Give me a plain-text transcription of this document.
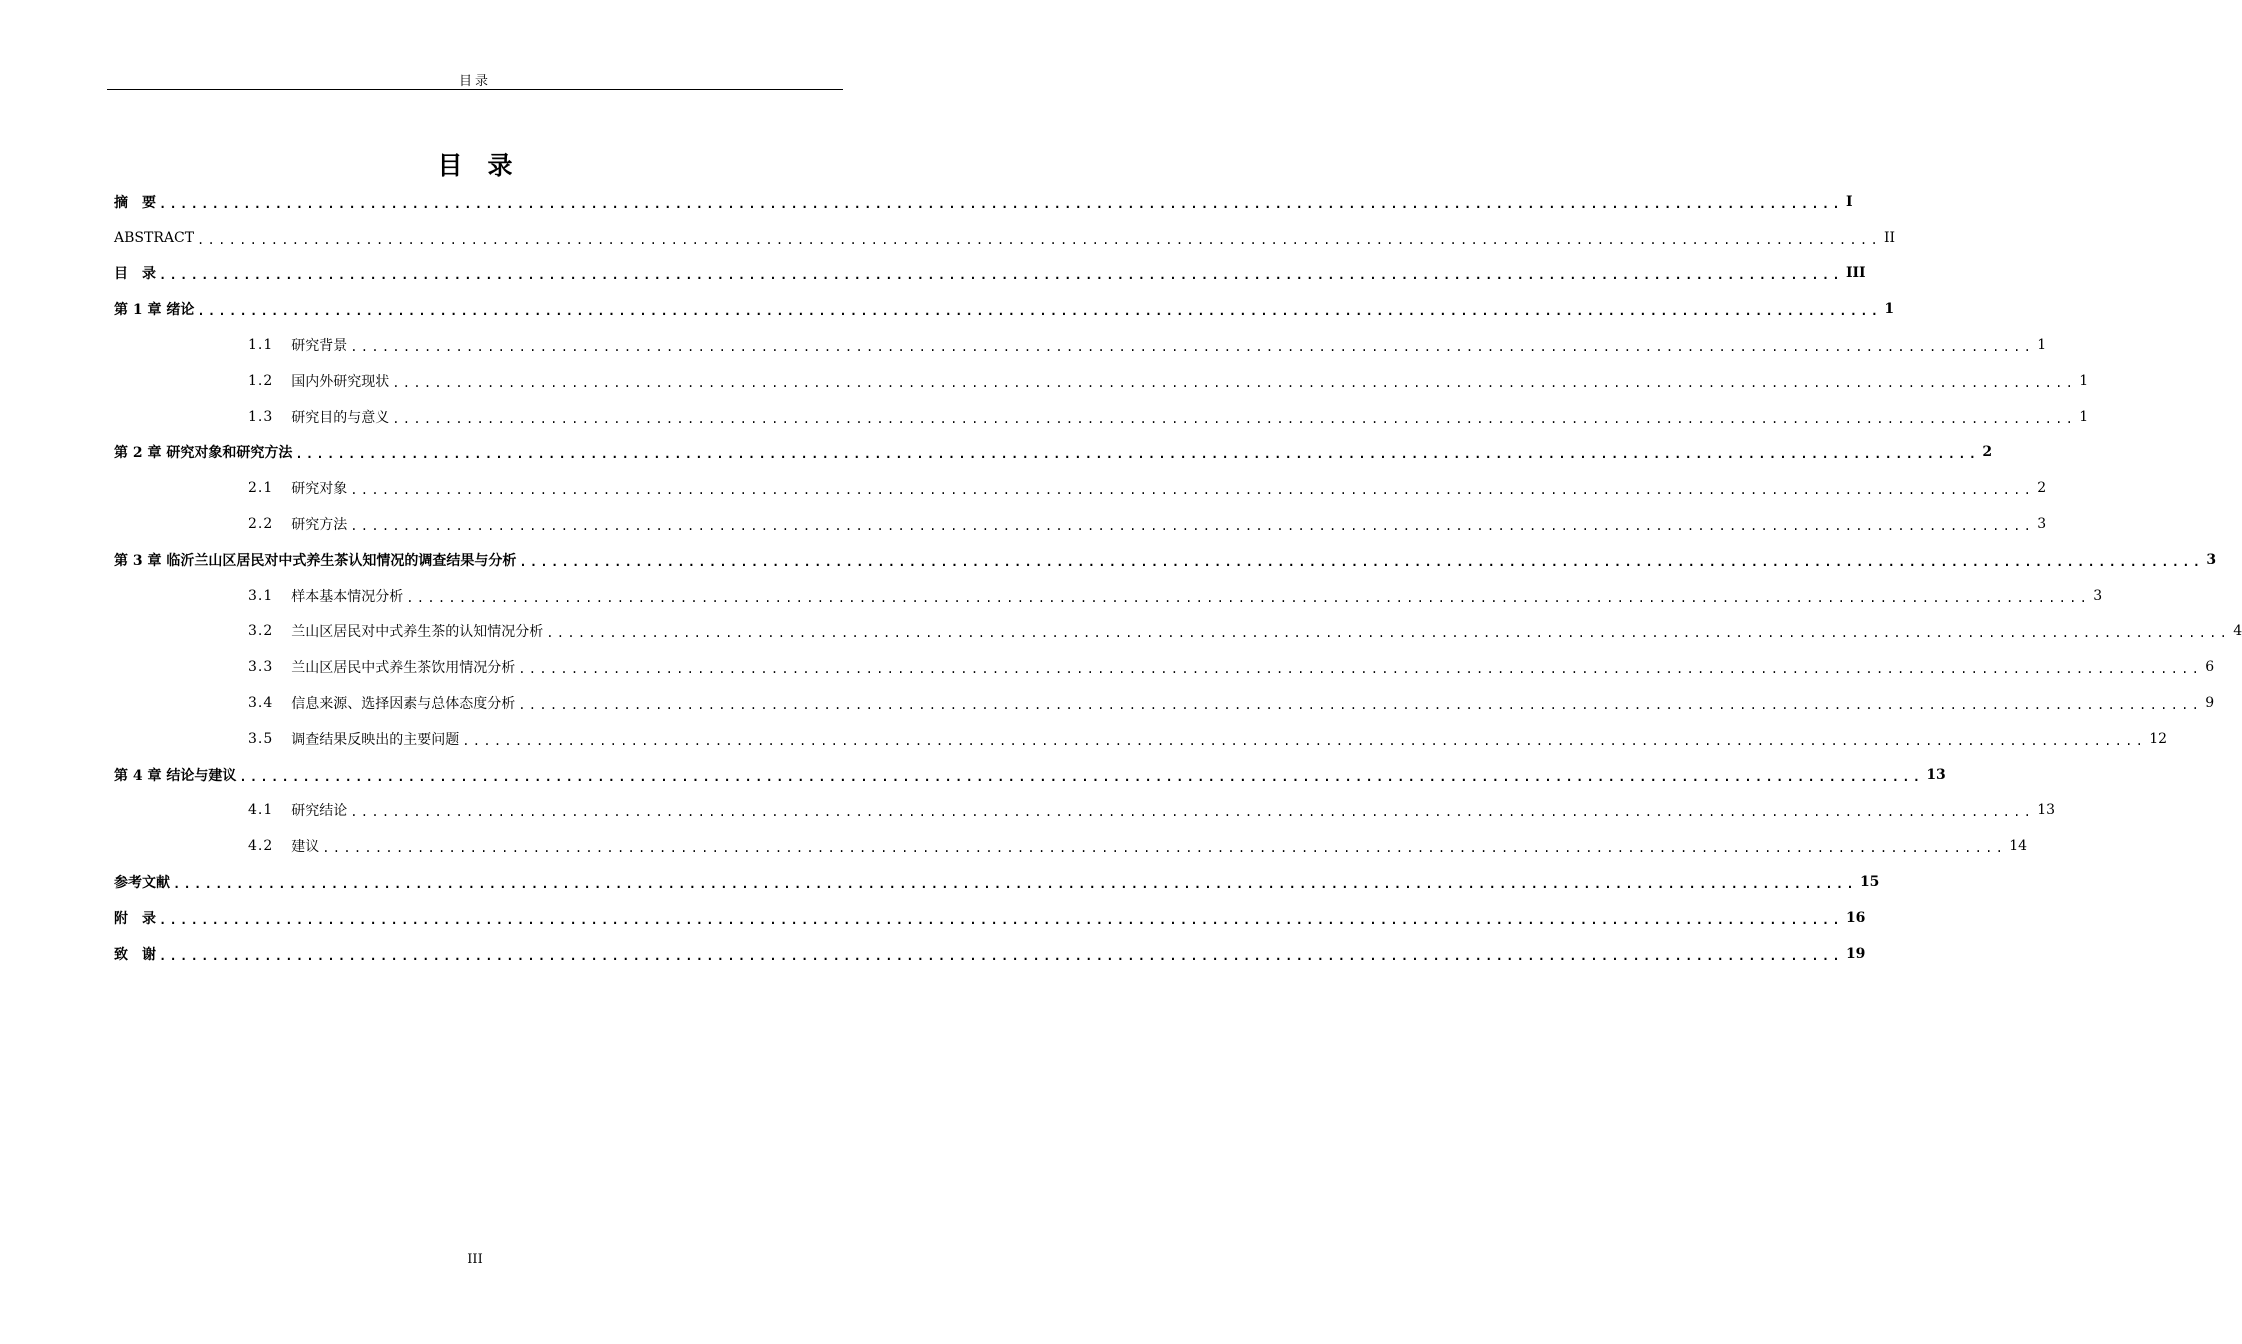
目录
目　录
摘　要 ................................................................................................................................................................ I
ABSTRACT ................................................................................................................................................................ II
目　录 ................................................................................................................................................................ III
第 1 章 绪论 ................................................................................................................................................................ 1
1.1 研究背景 ................................................................................................................................................................ 1
1.2 国内外研究现状 ................................................................................................................................................................ 1
1.3 研究目的与意义 ................................................................................................................................................................ 1
第 2 章 研究对象和研究方法 ................................................................................................................................................................ 2
2.1 研究对象 ................................................................................................................................................................ 2
2.2 研究方法 ................................................................................................................................................................ 3
第 3 章 临沂兰山区居民对中式养生茶认知情况的调查结果与分析 ................................................................................................................................................................ 3
3.1 样本基本情况分析 ................................................................................................................................................................ 3
3.2 兰山区居民对中式养生茶的认知情况分析 ................................................................................................................................................................ 4
3.3 兰山区居民中式养生茶饮用情况分析 ................................................................................................................................................................ 6
3.4 信息来源、选择因素与总体态度分析 ................................................................................................................................................................ 9
3.5 调查结果反映出的主要问题 ................................................................................................................................................................ 12
第 4 章 结论与建议 ................................................................................................................................................................ 13
4.1 研究结论 ................................................................................................................................................................ 13
4.2 建议 ................................................................................................................................................................ 14
参考文献 ................................................................................................................................................................ 15
附　录 ................................................................................................................................................................ 16
致　谢 ................................................................................................................................................................ 19
III
